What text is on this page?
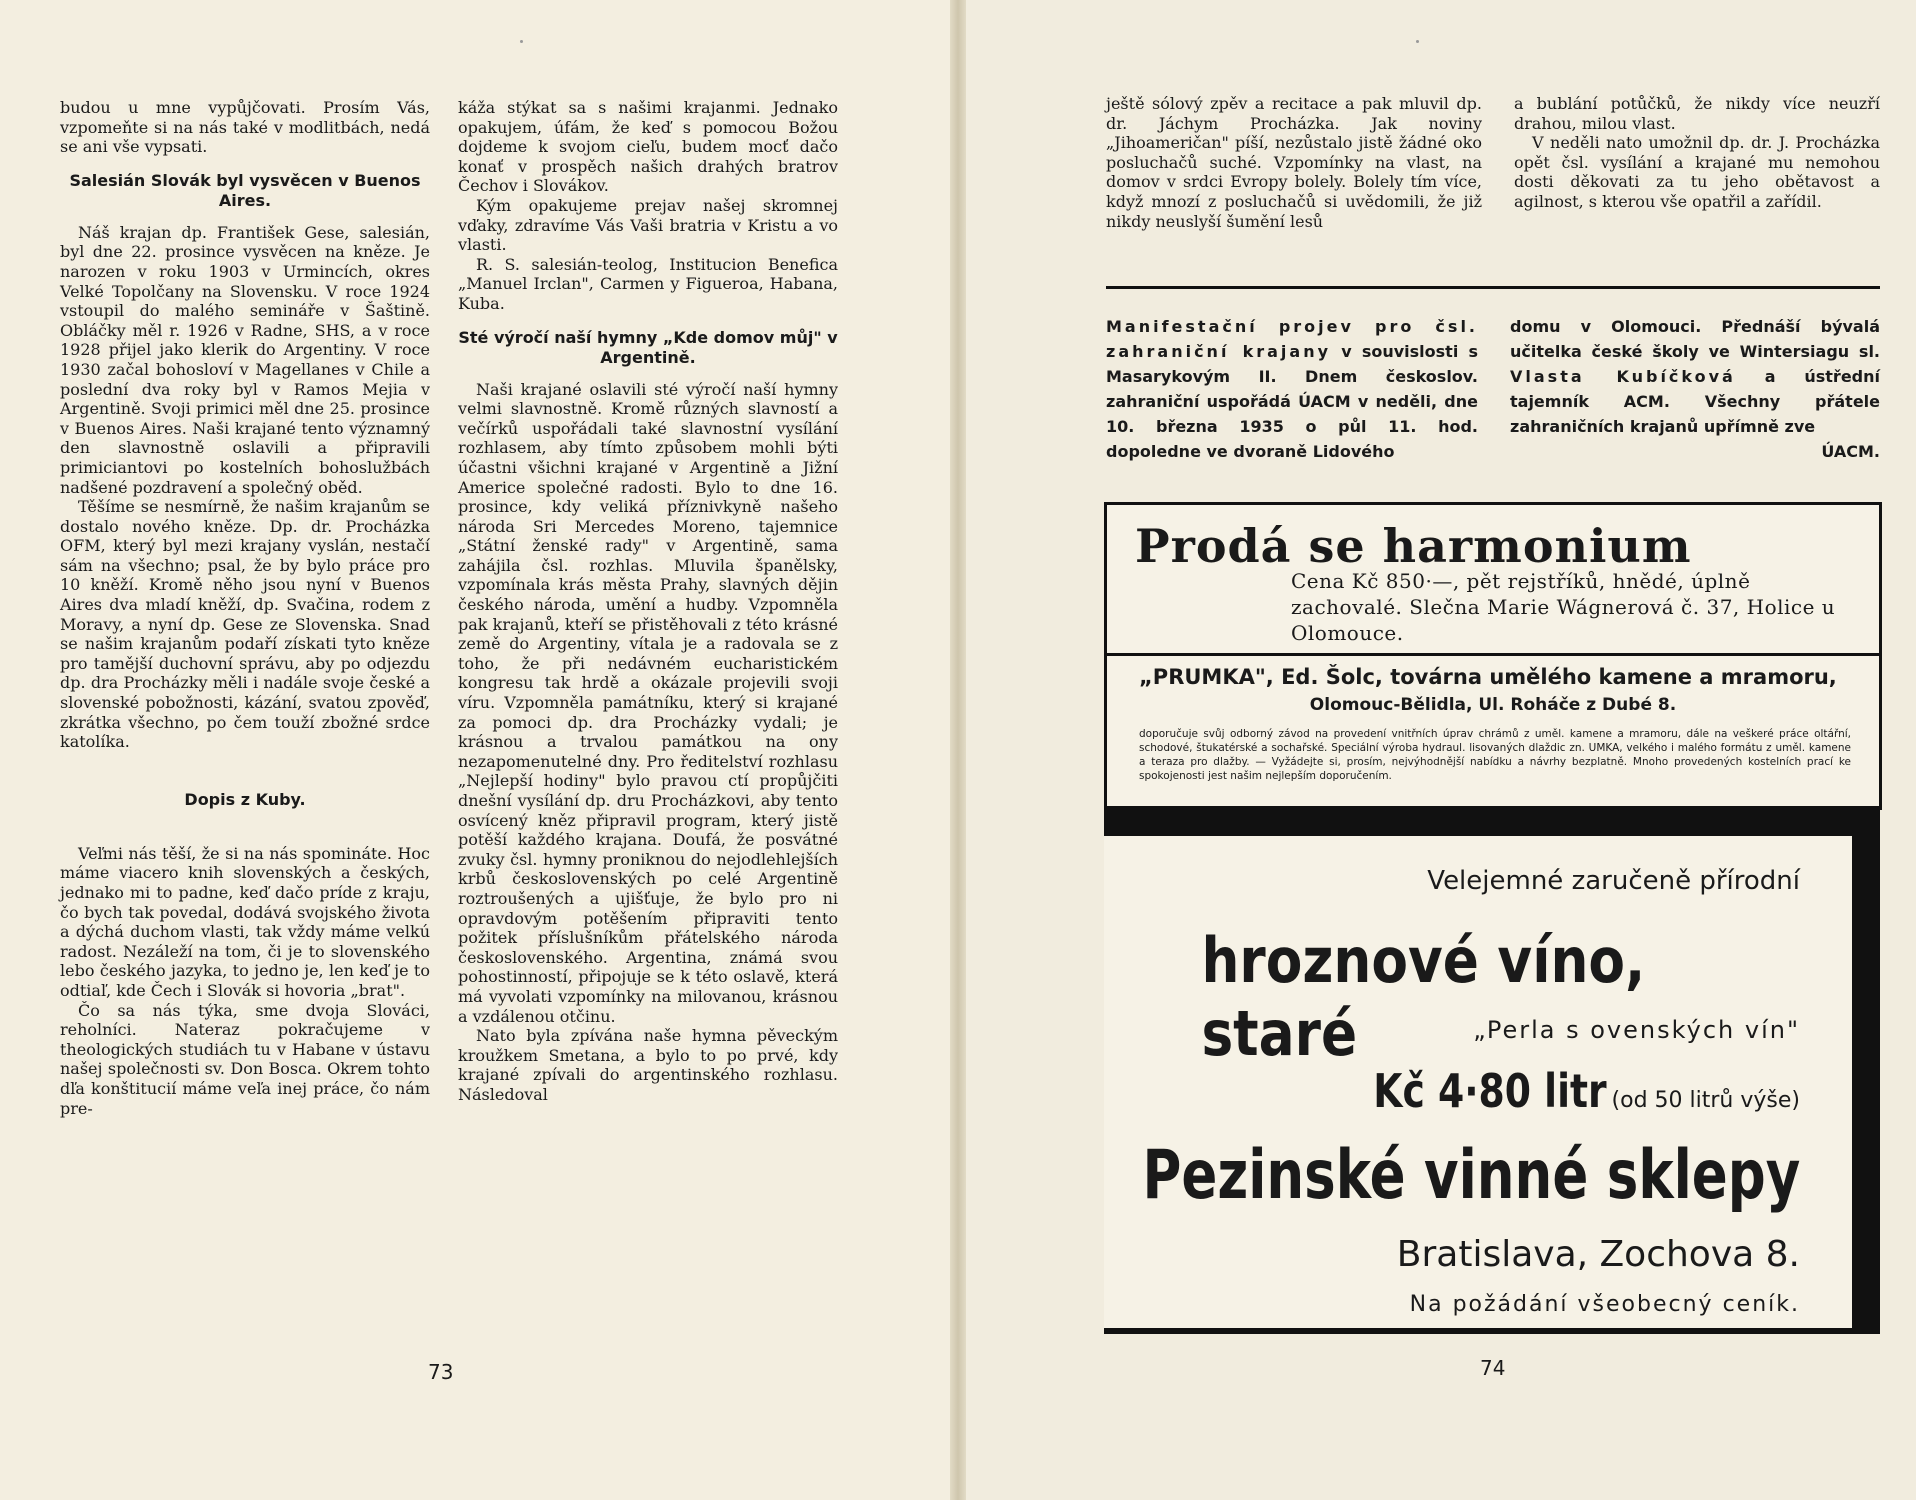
budou u mne vypůjčovati. Prosím Vás, vzpomeňte si na nás také v modlitbách, nedá se ani vše vypsati.

Salesián Slovák byl vysvěcen v Buenos Aires.

Náš krajan dp. František Gese, salesián, byl dne 22. prosince vysvěcen na kněze. Je narozen v roku 1903 v Urmincích, okres Velké Topolčany na Slovensku. V roce 1924 vstoupil do malého semináře v Šaštině. Obláčky měl r. 1926 v Radne, SHS, a v roce 1928 přijel jako klerik do Argentiny. V roce 1930 začal bohosloví v Magellanes v Chile a poslední dva roky byl v Ramos Mejia v Argentině. Svoji primici měl dne 25. prosince v Buenos Aires. Naši krajané tento významný den slavnostně oslavili a připravili primiciantovi po kostelních bohoslužbách nadšené pozdravení a společný oběd.

Těšíme se nesmírně, že našim krajanům se dostalo nového kněze. Dp. dr. Procházka OFM, který byl mezi krajany vyslán, nestačí sám na všechno; psal, že by bylo práce pro 10 kněží. Kromě něho jsou nyní v Buenos Aires dva mladí kněží, dp. Svačina, rodem z Moravy, a nyní dp. Gese ze Slovenska. Snad se našim krajanům podaří získati tyto kněze pro tamější duchovní správu, aby po odjezdu dp. dra Procházky měli i nadále svoje české a slovenské pobožnosti, kázání, svatou zpověď, zkrátka všechno, po čem touží zbožné srdce katolíka.

Dopis z Kuby.

Veľmi nás těší, že si na nás spomináte. Hoc máme viacero knih slovenských a českých, jednako mi to padne, keď dačo príde z kraju, čo bych tak povedal, dodává svojského života a dýchá duchom vlasti, tak vždy máme velkú radost. Nezáleží na tom, či je to slovenského lebo českého jazyka, to jedno je, len keď je to odtiaľ, kde Čech i Slovák si hovoria „brat".

Čo sa nás týka, sme dvoja Slováci, reholníci. Nateraz pokračujeme v theologických studiách tu v Habane v ústavu našej společnosti sv. Don Bosca. Okrem tohto dľa konštitucií máme veľa inej práce, čo nám pre-

káža stýkat sa s našimi krajanmi. Jednako opakujem, úfám, že keď s pomocou Božou dojdeme k svojom cieľu, budem mocť dačo konať v prospěch našich drahých bratrov Čechov i Slovákov.

Kým opakujeme prejav našej skromnej vďaky, zdravíme Vás Vaši bratria v Kristu a vo vlasti.

R. S. salesián-teolog, Institucion Benefica „Manuel Irclan", Carmen y Figueroa, Habana, Kuba.

Sté výročí naší hymny „Kde domov můj" v Argentině.

Naši krajané oslavili sté výročí naší hymny velmi slavnostně. Kromě různých slavností a večírků uspořádali také slavnostní vysílání rozhlasem, aby tímto způsobem mohli býti účastni všichni krajané v Argentině a Jižní Americe společné radosti. Bylo to dne 16. prosince, kdy veliká příznivkyně našeho národa Sri Mercedes Moreno, tajemnice „Státní ženské rady" v Argentině, sama zahájila čsl. rozhlas. Mluvila španělsky, vzpomínala krás města Prahy, slavných dějin českého národa, umění a hudby. Vzpomněla pak krajanů, kteří se přistěhovali z této krásné země do Argentiny, vítala je a radovala se z toho, že při nedávném eucharistickém kongresu tak hrdě a okázale projevili svoji víru. Vzpomněla památníku, který si krajané za pomoci dp. dra Procházky vydali; je krásnou a trvalou památkou na ony nezapomenutelné dny. Pro ředitelství rozhlasu „Nejlepší hodiny" bylo pravou ctí propůjčiti dnešní vysílání dp. dru Procházkovi, aby tento osvícený kněz připravil program, který jistě potěší každého krajana. Doufá, že posvátné zvuky čsl. hymny proniknou do nejodlehlejších krbů československých po celé Argentině roztroušených a ujišťuje, že bylo pro ni opravdovým potěšením připraviti tento požitek příslušníkům přátelského národa československého. Argentina, známá svou pohostinností, připojuje se k této oslavě, která má vyvolati vzpomínky na milovanou, krásnou a vzdálenou otčinu.

Nato byla zpívána naše hymna pěveckým kroužkem Smetana, a bylo to po prvé, kdy krajané zpívali do argentinského rozhlasu. Následoval

73

ještě sólový zpěv a recitace a pak mluvil dp. dr. Jáchym Procházka. Jak noviny „Jihoameričan" píší, nezůstalo jistě žádné oko posluchačů suché. Vzpomínky na vlast, na domov v srdci Evropy bolely. Bolely tím více, když mnozí z posluchačů si uvědomili, že již nikdy neuslyší šumění lesů

a bublání potůčků, že nikdy více neuzří drahou, milou vlast.

V neděli nato umožnil dp. dr. J. Procházka opět čsl. vysílání a krajané mu nemohou dosti děkovati za tu jeho obětavost a agilnost, s kterou vše opatřil a zařídil.

Manifestační projev pro čsl. zahraniční krajany v souvislosti s Masarykovým II. Dnem českoslov. zahraniční uspořádá ÚACM v neděli, dne 10. března 1935 o půl 11. hod. dopoledne ve dvoraně Lidového
domu v Olomouci. Přednáší bývalá učitelka české školy ve Wintersiagu sl. Vlasta Kubíčková a ústřední tajemník ACM. Všechny přátele zahraničních krajanů upřímně zve
ÚACM.
Prodá se harmonium
Cena Kč 850·—, pět rejstříků, hnědé, úplně zachovalé. Slečna Marie Wágnerová č. 37, Holice u Olomouce.
„PRUMKA", Ed. Šolc, továrna umělého kamene a mramoru,
Olomouc-Bělidla, Ul. Roháče z Dubé 8.
doporučuje svůj odborný závod na provedení vnitřních úprav chrámů z uměl. kamene a mramoru, dále na veškeré práce oltářní, schodové, štukatérské a sochařské. Speciální výroba hydraul. lisovaných dlaždic zn. UMKA, velkého i malého formátu z uměl. kamene a teraza pro dlažby. — Vyžádejte si, prosím, nejvýhodnější nabídku a návrhy bezplatně. Mnoho provedených kostelních prací ke spokojenosti jest našim nejlepším doporučením.
Velejemné zaručeně přírodní
hroznové víno, staré	„Perla s ovenských vín"
Kč 4·80 litr (od 50 litrů výše)
Pezinské vinné sklepy
Bratislava, Zochova 8.
Na požádání všeobecný ceník.
74
